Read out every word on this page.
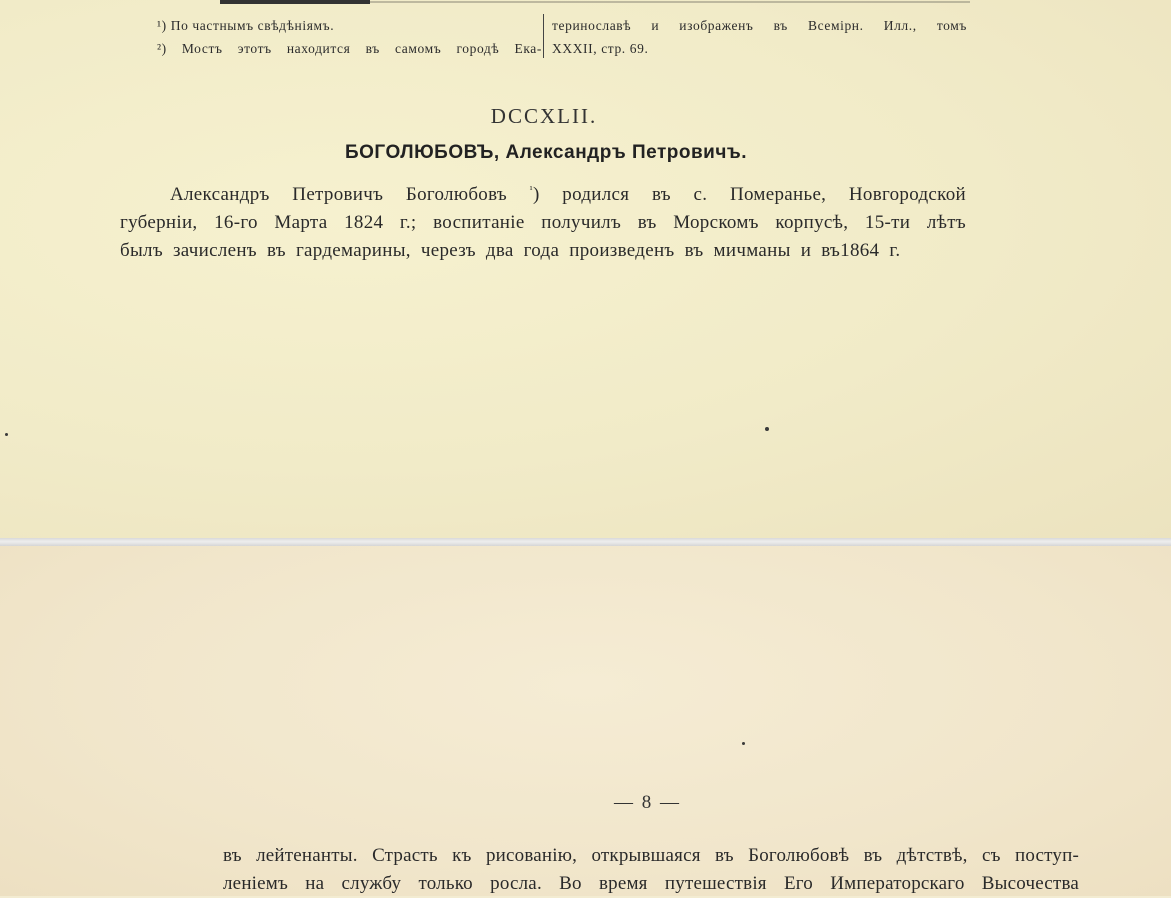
¹) По частнымъ свѣдѣніямъ.
²) Мостъ этотъ находится въ самомъ городѣ Ека-
теринославѣ и изображенъ въ Всемірн. Илл., томъ
XXXII, стр. 69.
DCCXLII.
БОГОЛЮБОВЪ, Александръ Петровичъ.
Александръ Петровичъ Боголюбовъ $^{^1}$) родился въ с. Померанье, Новгородской
губерніи, 16-го Марта 1824 г.; воспитаніе получилъ въ Морскомъ корпусѣ, 15-ти лѣтъ
былъ зачисленъ въ гардемарины, черезъ два года произведенъ въ мичманы и въ1864 г.
— 8 —
въ лейтенанты. Страсть къ рисованію, открывшаяся въ Боголюбовѣ въ дѣтствѣ, съ поступ-
леніемъ на службу только росла. Во время путешествія Его Императорскаго Высочества
